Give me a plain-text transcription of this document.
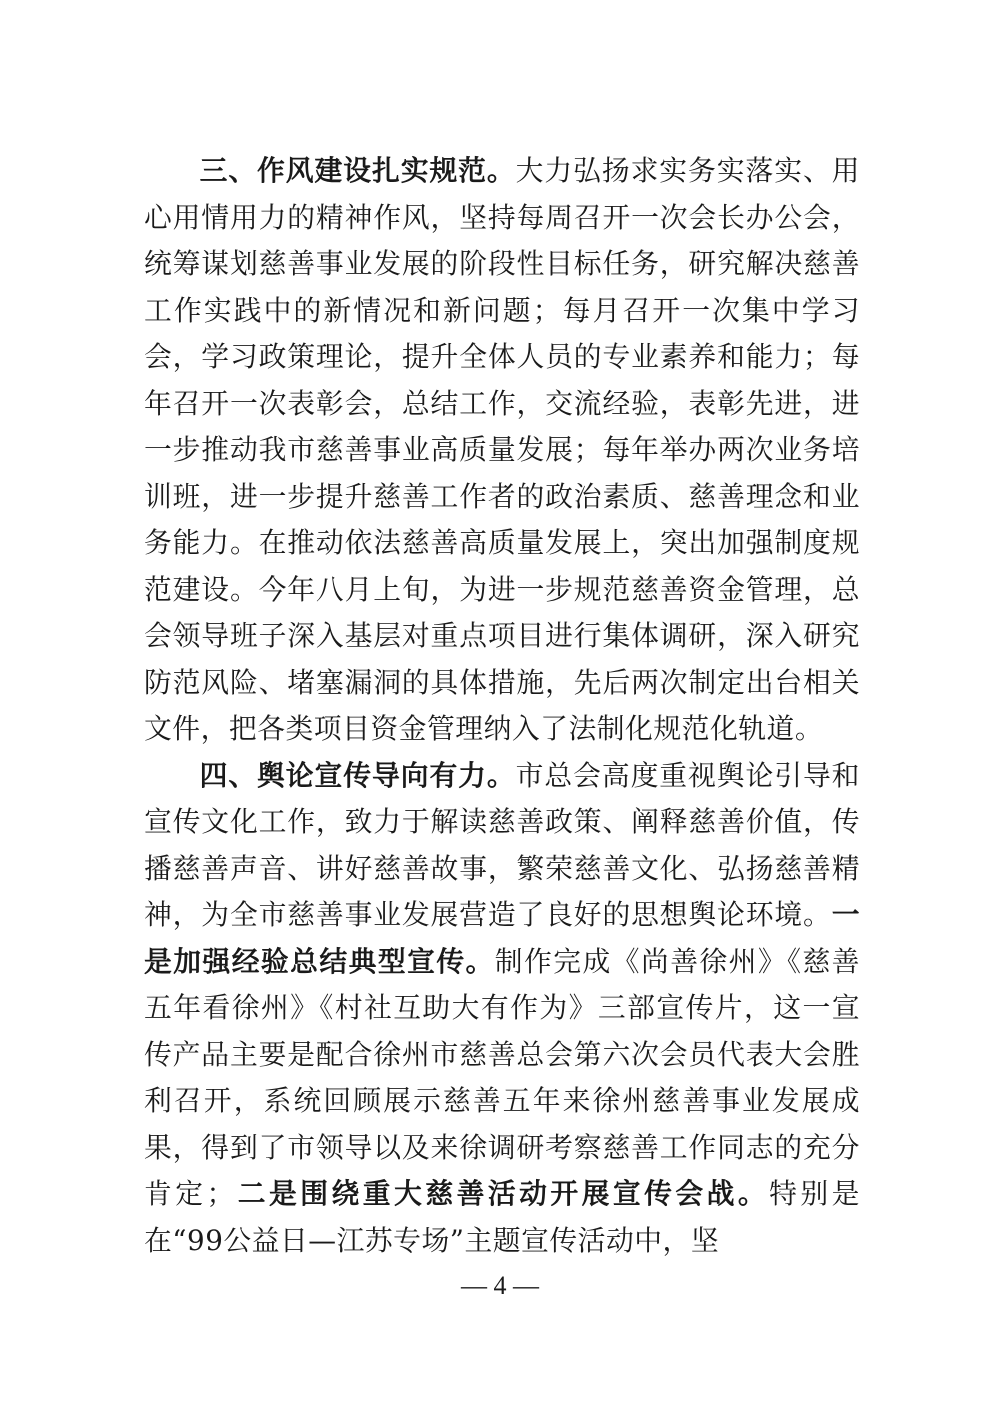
三、作风建设扎实规范。大力弘扬求实务实落实、用心用情用力的精神作风，坚持每周召开一次会长办公会，统筹谋划慈善事业发展的阶段性目标任务，研究解决慈善工作实践中的新情况和新问题；每月召开一次集中学习会，学习政策理论，提升全体人员的专业素养和能力；每年召开一次表彰会，总结工作，交流经验，表彰先进，进一步推动我市慈善事业高质量发展；每年举办两次业务培训班，进一步提升慈善工作者的政治素质、慈善理念和业务能力。在推动依法慈善高质量发展上，突出加强制度规范建设。今年八月上旬，为进一步规范慈善资金管理，总会领导班子深入基层对重点项目进行集体调研，深入研究防范风险、堵塞漏洞的具体措施，先后两次制定出台相关文件，把各类项目资金管理纳入了法制化规范化轨道。

四、舆论宣传导向有力。市总会高度重视舆论引导和宣传文化工作，致力于解读慈善政策、阐释慈善价值，传播慈善声音、讲好慈善故事，繁荣慈善文化、弘扬慈善精神，为全市慈善事业发展营造了良好的思想舆论环境。一是加强经验总结典型宣传。制作完成《尚善徐州》《慈善五年看徐州》《村社互助大有作为》三部宣传片，这一宣传产品主要是配合徐州市慈善总会第六次会员代表大会胜利召开，系统回顾展示慈善五年来徐州慈善事业发展成果，得到了市领导以及来徐调研考察慈善工作同志的充分肯定；二是围绕重大慈善活动开展宣传会战。特别是在“99公益日—江苏专场”主题宣传活动中，坚

— 4 —
